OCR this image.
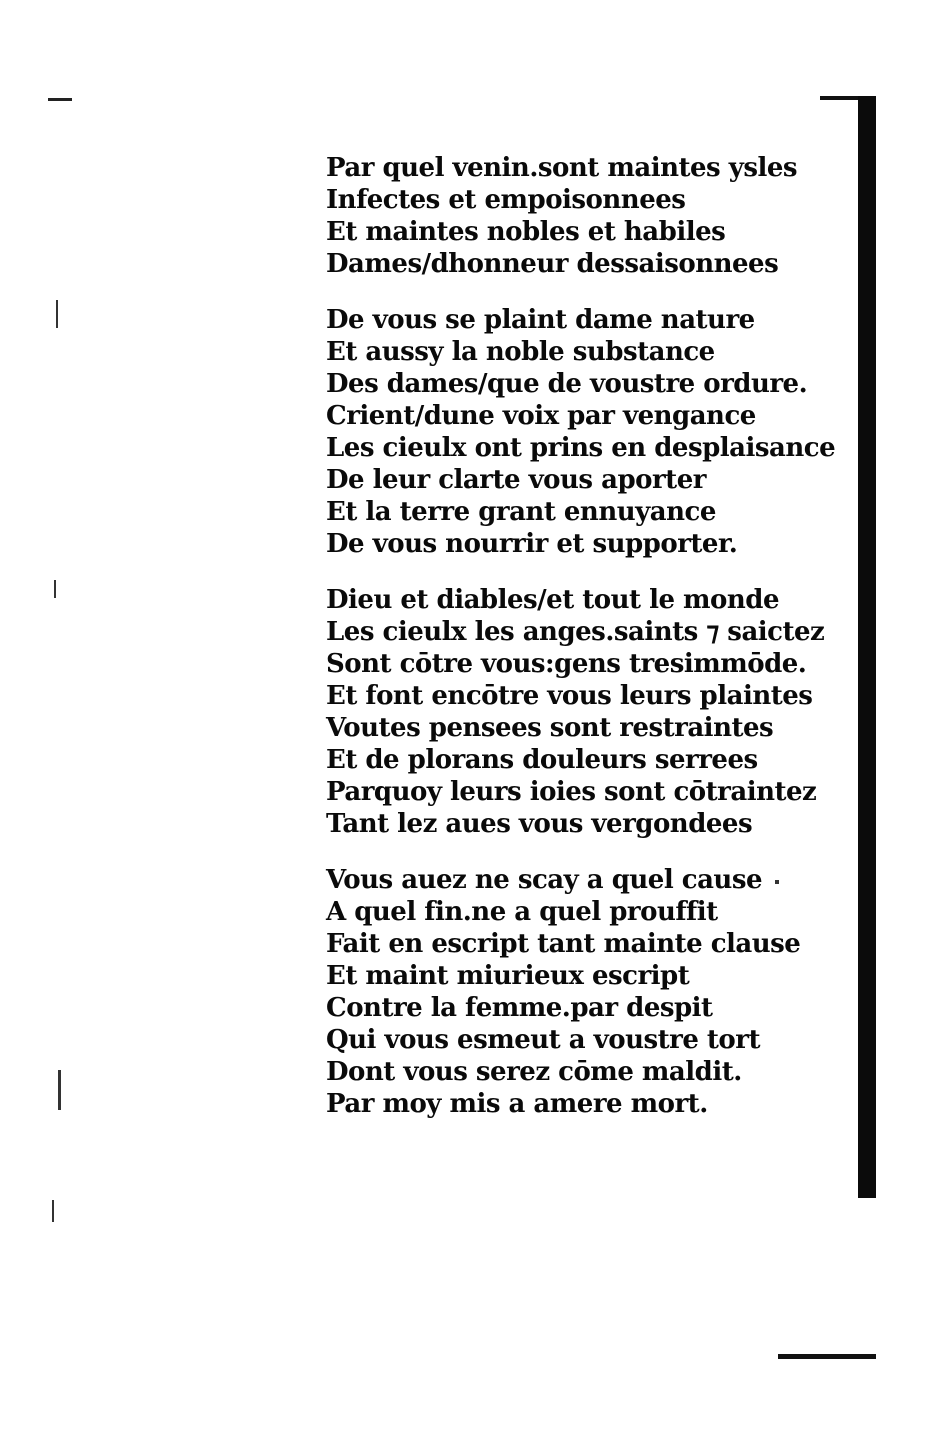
Par quel venin.sont maintes ysles
Infectes et empoisonnees
Et maintes nobles et habiles
Dames/dhonneur dessaisonnees
De vous se plaint dame nature
Et aussy la noble substance
Des dames/que de voustre ordure.
Crient/dune voix par vengance
Les cieulx ont prins en desplaisance
De leur clarte vous aporter
Et la terre grant ennuyance
De vous nourrir et supporter.
Dieu et diables/et tout le monde
Les cieulx les anges.saints ⁊ saictez
Sont cōtre vous:gens tresimmōde.
Et font encōtre vous leurs plaintes
Voutes pensees sont restraintes
Et de plorans douleurs serrees
Parquoy leurs ioies sont cōtraintez
Tant lez aues vous vergondees
Vous auez ne scay a quel cause
A quel fin.ne a quel prouffit
Fait en escript tant mainte clause
Et maint miurieux escript
Contre la femme.par despit
Qui vous esmeut a voustre tort
Dont vous serez cōme maldit.
Par moy mis a amere mort.
